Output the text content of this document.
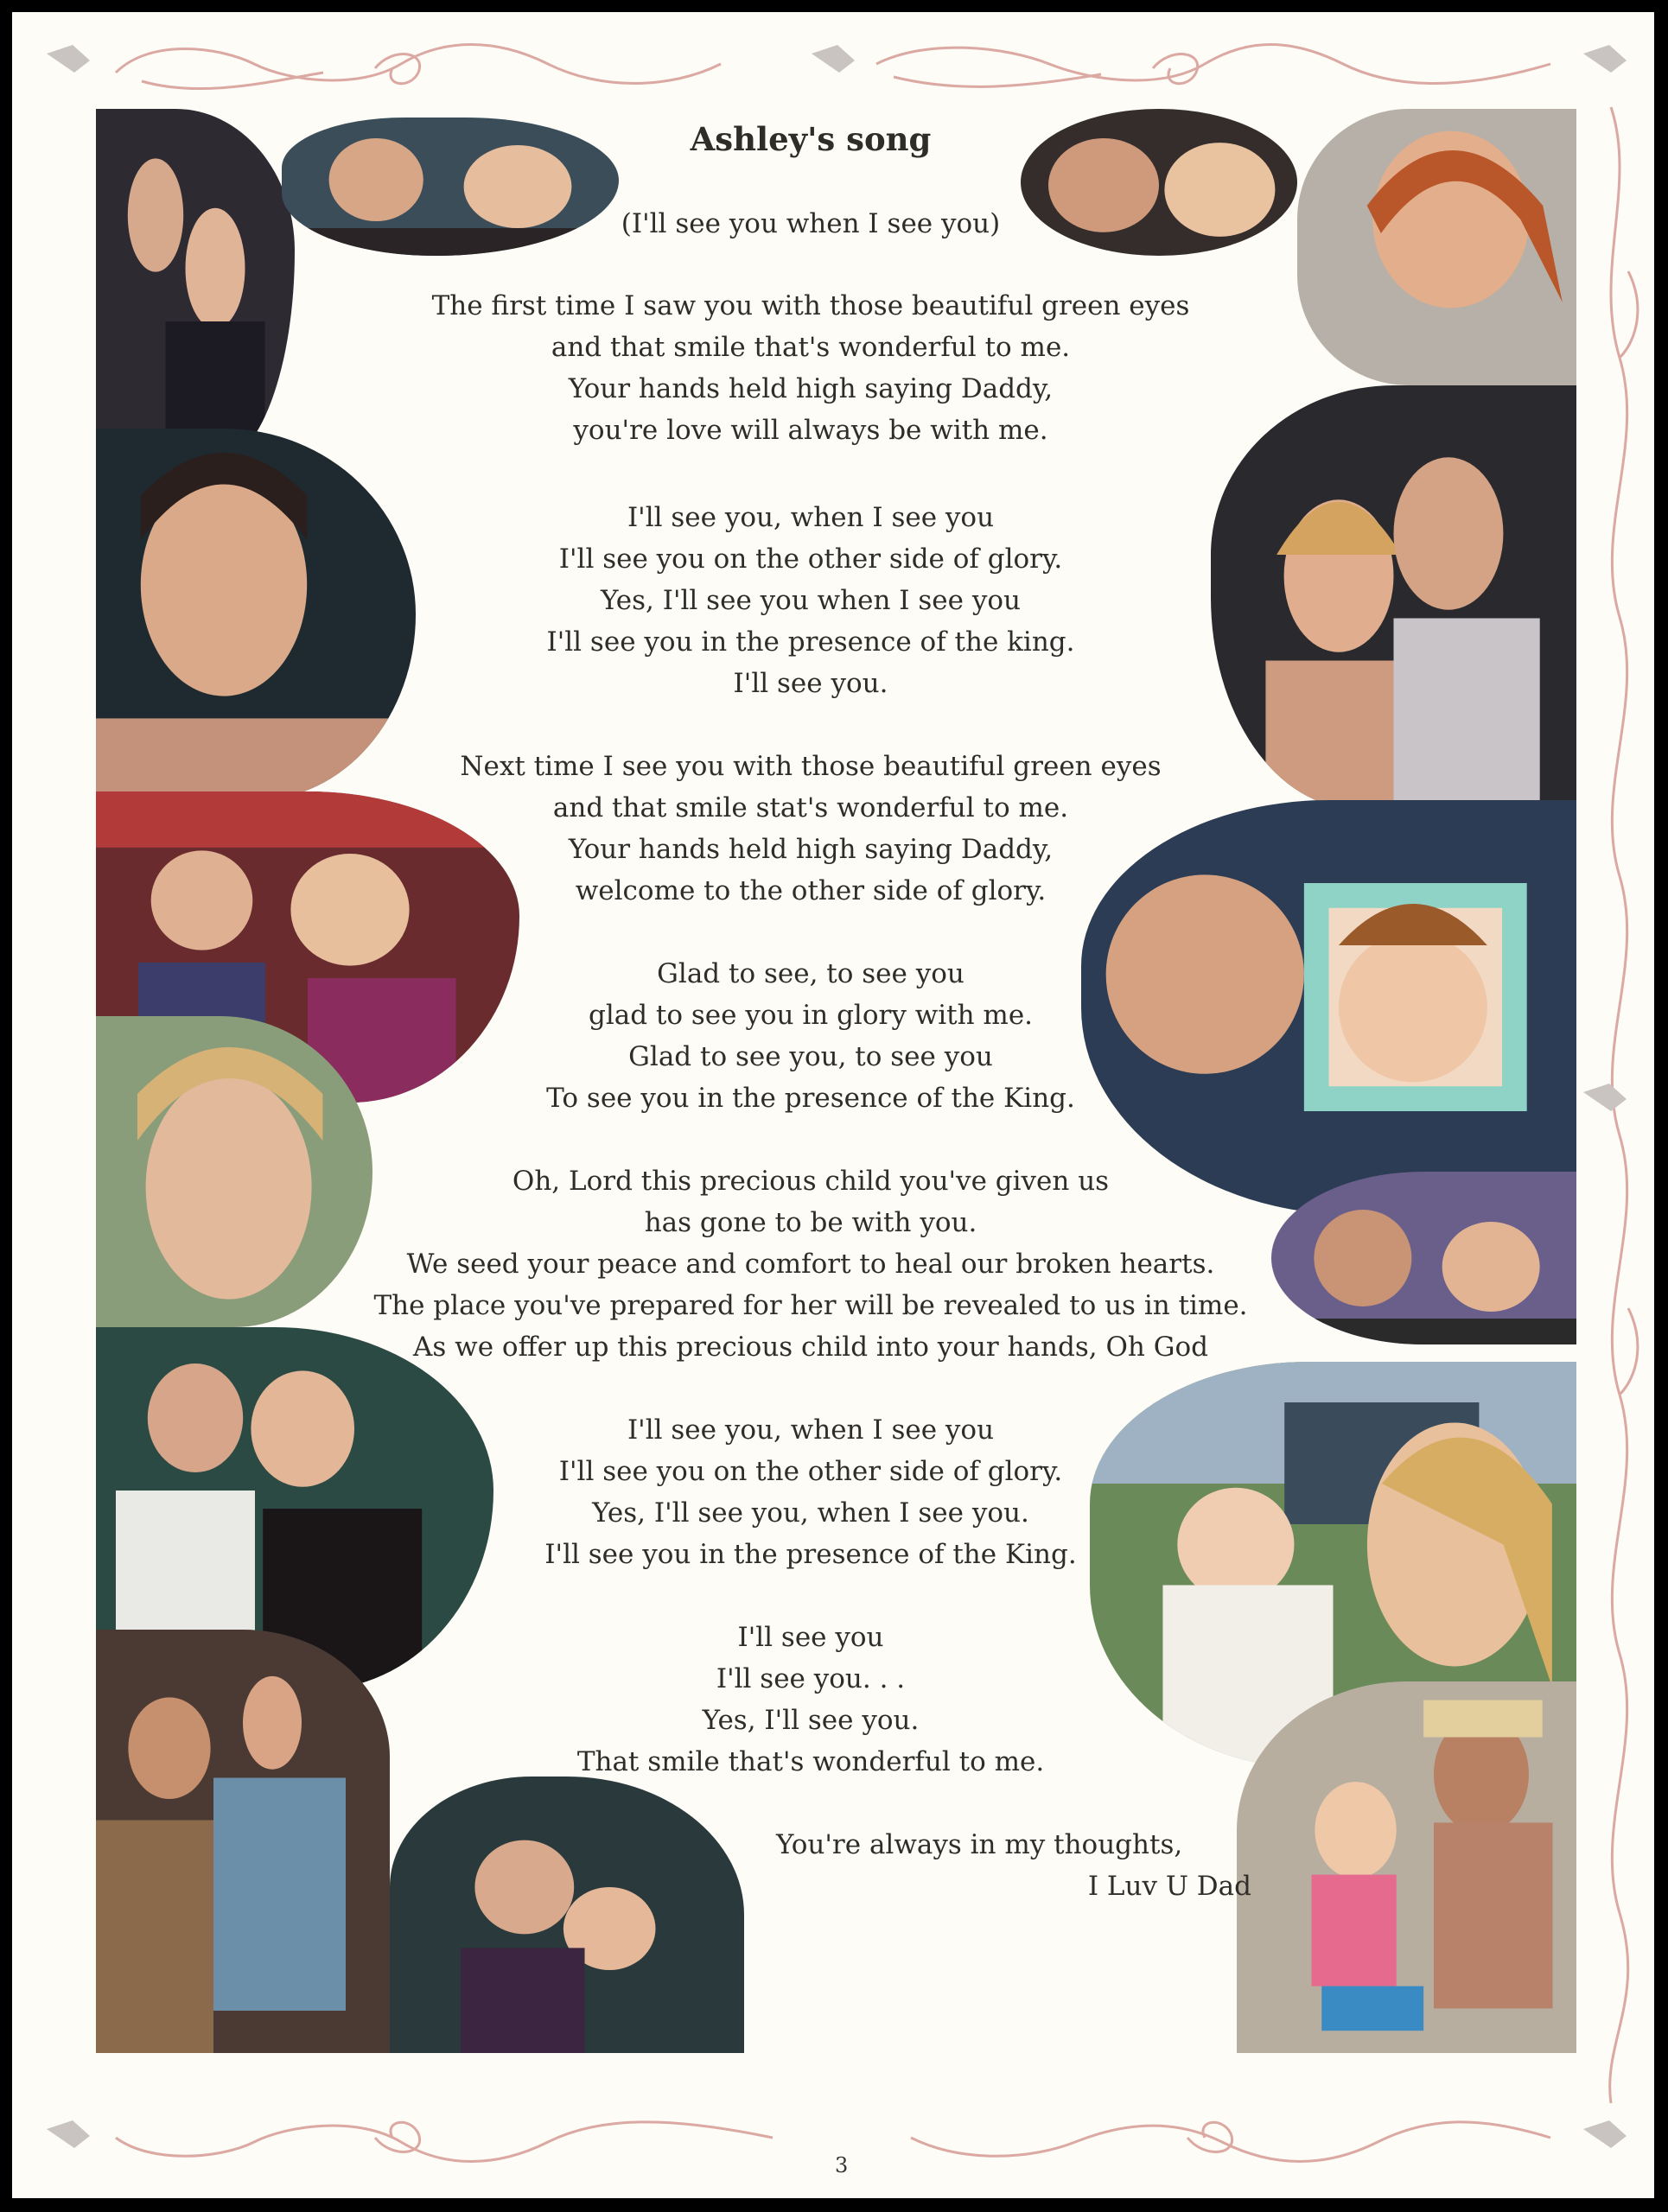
3
Ashley's song
(I'll see you when I see you)
The first time I saw you with those beautiful green eyes
and that smile that's wonderful to me.
Your hands held high saying Daddy,
you're love will always be with me.
I'll see you, when I see you
I'll see you on the other side of glory.
Yes, I'll see you when I see you
I'll see you in the presence of the king.
I'll see you.
Next time I see you with those beautiful green eyes
and that smile stat's wonderful to me.
Your hands held high saying Daddy,
welcome to the other side of glory.
Glad to see, to see you
glad to see you in glory with me.
Glad to see you, to see you
To see you in the presence of the King.
Oh, Lord this precious child you've given us
has gone to be with you.
We seed your peace and comfort to heal our broken hearts.
The place you've prepared for her will be revealed to us in time.
As we offer up this precious child into your hands, Oh God
I'll see you, when I see you
I'll see you on the other side of glory.
Yes, I'll see you, when I see you.
I'll see you in the presence of the King.
I'll see you
I'll see you. . .
Yes, I'll see you.
That smile that's wonderful to me.
You're always in my thoughts,
I Luv U Dad
